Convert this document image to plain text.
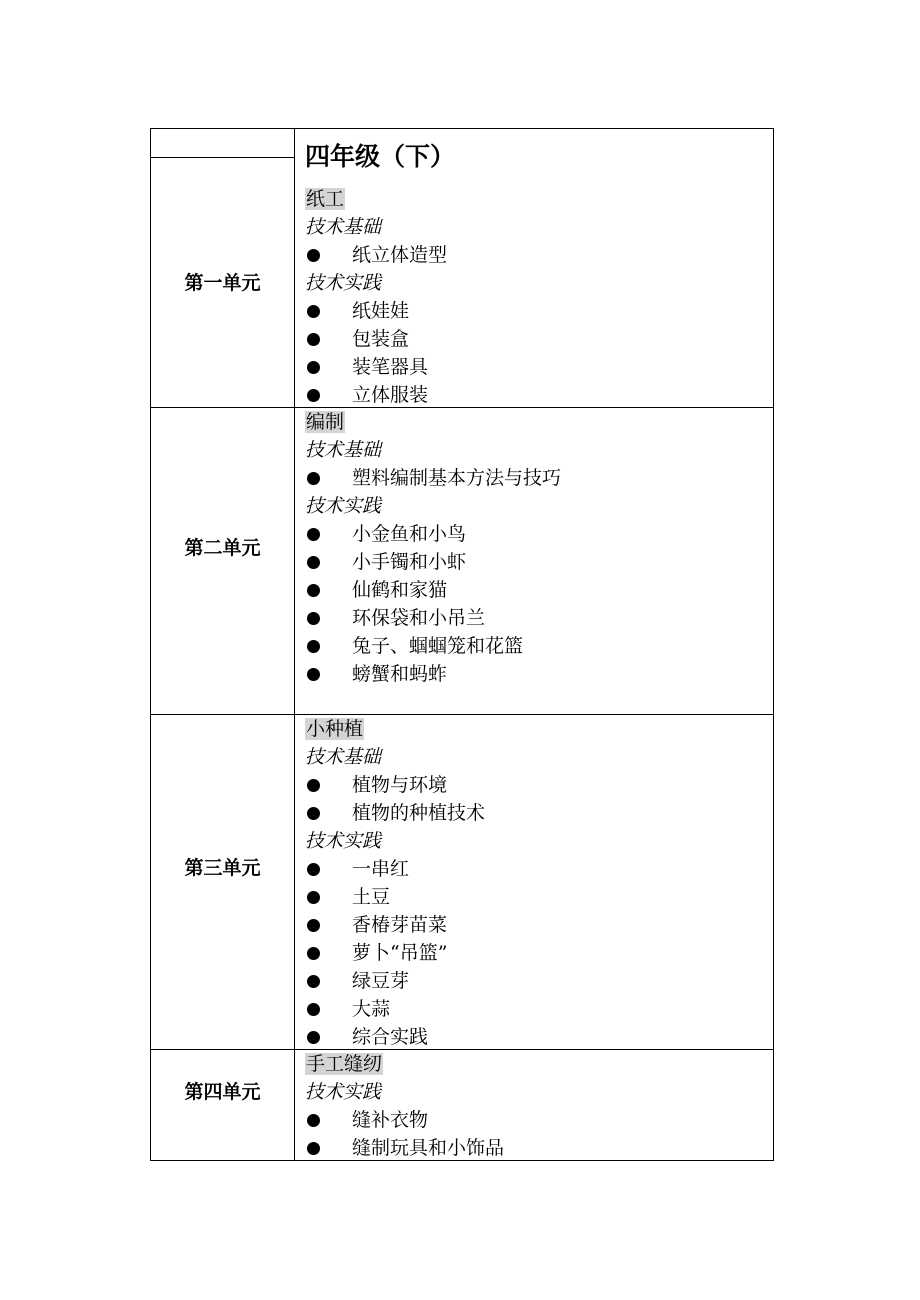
四年级（下）
第一单元
纸工
技术基础
纸立体造型
技术实践
纸娃娃
包装盒
装笔器具
立体服装
第二单元
编制
技术基础
塑料编制基本方法与技巧
技术实践
小金鱼和小鸟
小手镯和小虾
仙鹤和家猫
环保袋和小吊兰
兔子、蝈蝈笼和花篮
螃蟹和蚂蚱
第三单元
小种植
技术基础
植物与环境
植物的种植技术
技术实践
一串红
土豆
香椿芽苗菜
萝卜“吊篮”
绿豆芽
大蒜
综合实践
第四单元
手工缝纫
技术实践
缝补衣物
缝制玩具和小饰品
